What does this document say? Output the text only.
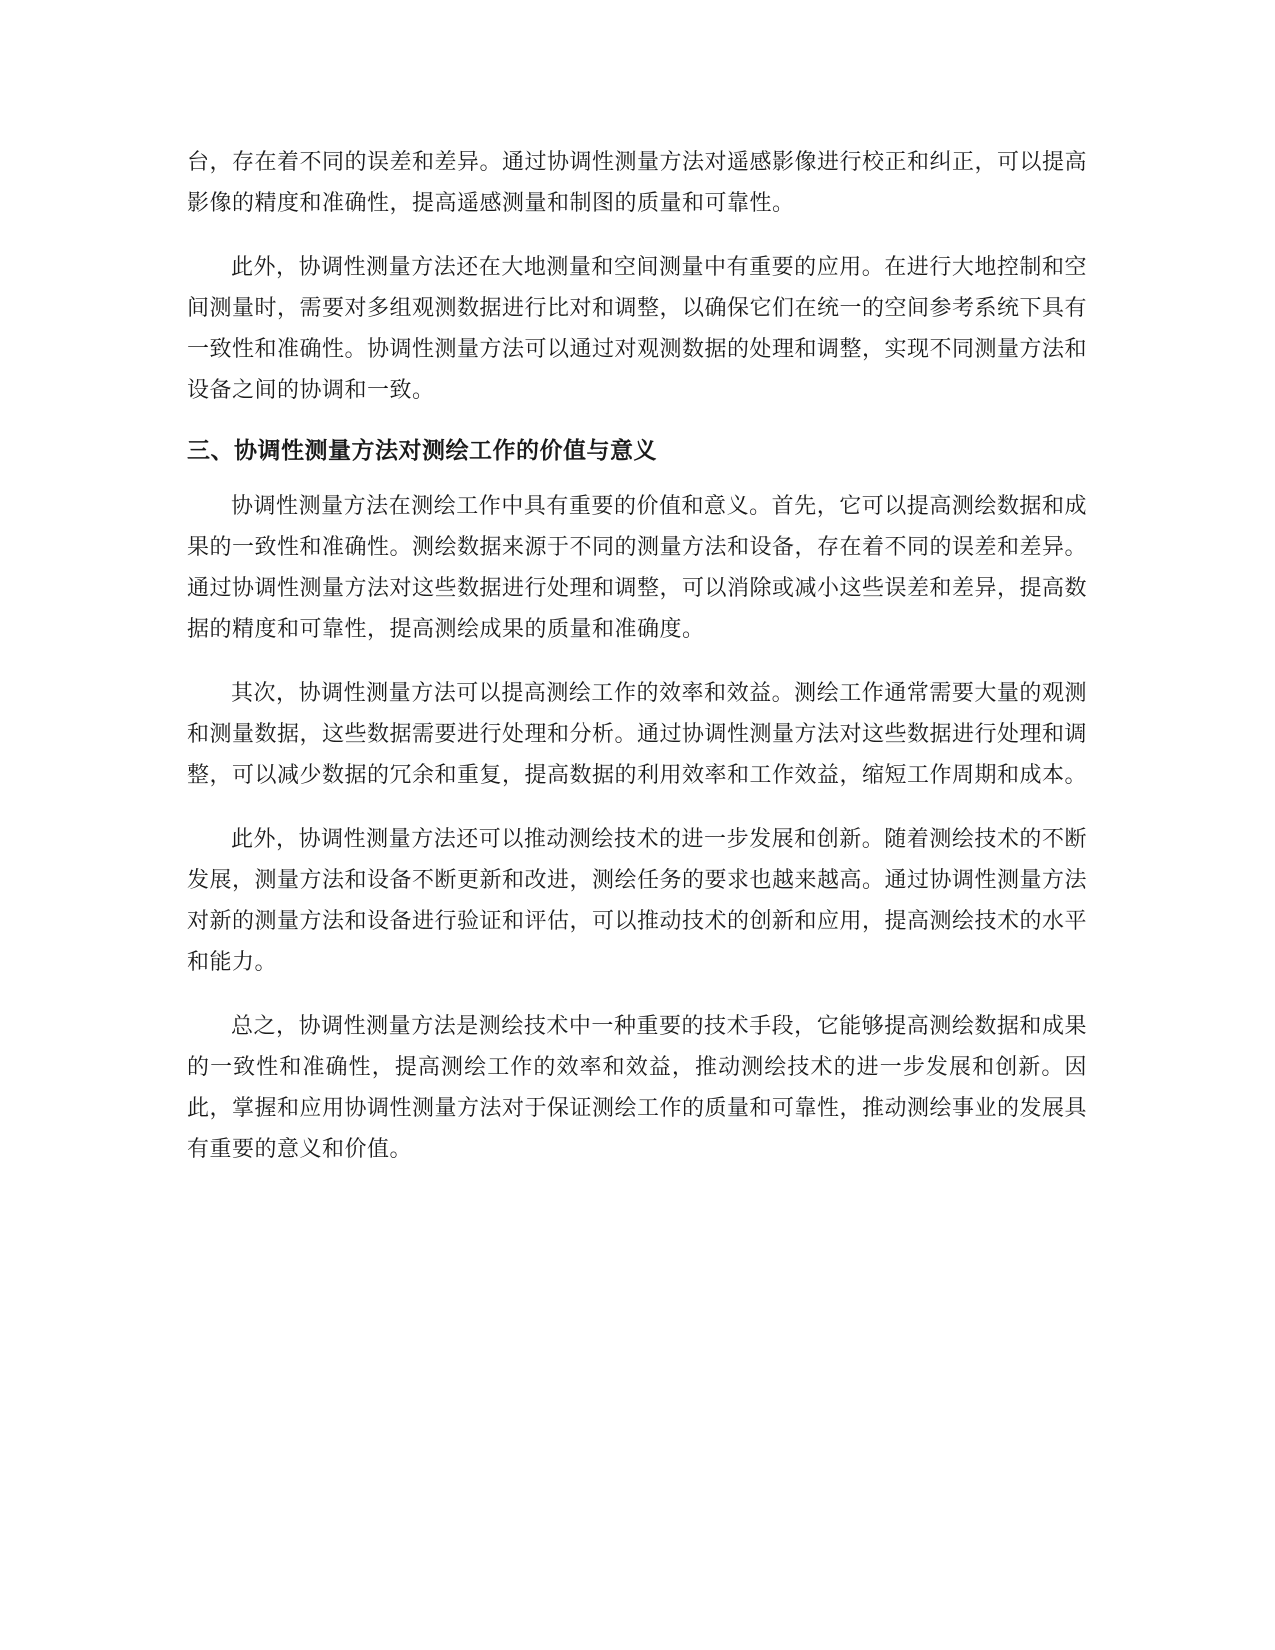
台，存在着不同的误差和差异。通过协调性测量方法对遥感影像进行校正和纠正，可以提高影像的精度和准确性，提高遥感测量和制图的质量和可靠性。

此外，协调性测量方法还在大地测量和空间测量中有重要的应用。在进行大地控制和空间测量时，需要对多组观测数据进行比对和调整，以确保它们在统一的空间参考系统下具有一致性和准确性。协调性测量方法可以通过对观测数据的处理和调整，实现不同测量方法和设备之间的协调和一致。

三、协调性测量方法对测绘工作的价值与意义

协调性测量方法在测绘工作中具有重要的价值和意义。首先，它可以提高测绘数据和成果的一致性和准确性。测绘数据来源于不同的测量方法和设备，存在着不同的误差和差异。通过协调性测量方法对这些数据进行处理和调整，可以消除或减小这些误差和差异，提高数据的精度和可靠性，提高测绘成果的质量和准确度。

其次，协调性测量方法可以提高测绘工作的效率和效益。测绘工作通常需要大量的观测和测量数据，这些数据需要进行处理和分析。通过协调性测量方法对这些数据进行处理和调整，可以减少数据的冗余和重复，提高数据的利用效率和工作效益，缩短工作周期和成本。

此外，协调性测量方法还可以推动测绘技术的进一步发展和创新。随着测绘技术的不断发展，测量方法和设备不断更新和改进，测绘任务的要求也越来越高。通过协调性测量方法对新的测量方法和设备进行验证和评估，可以推动技术的创新和应用，提高测绘技术的水平和能力。

总之，协调性测量方法是测绘技术中一种重要的技术手段，它能够提高测绘数据和成果的一致性和准确性，提高测绘工作的效率和效益，推动测绘技术的进一步发展和创新。因此，掌握和应用协调性测量方法对于保证测绘工作的质量和可靠性，推动测绘事业的发展具有重要的意义和价值。
